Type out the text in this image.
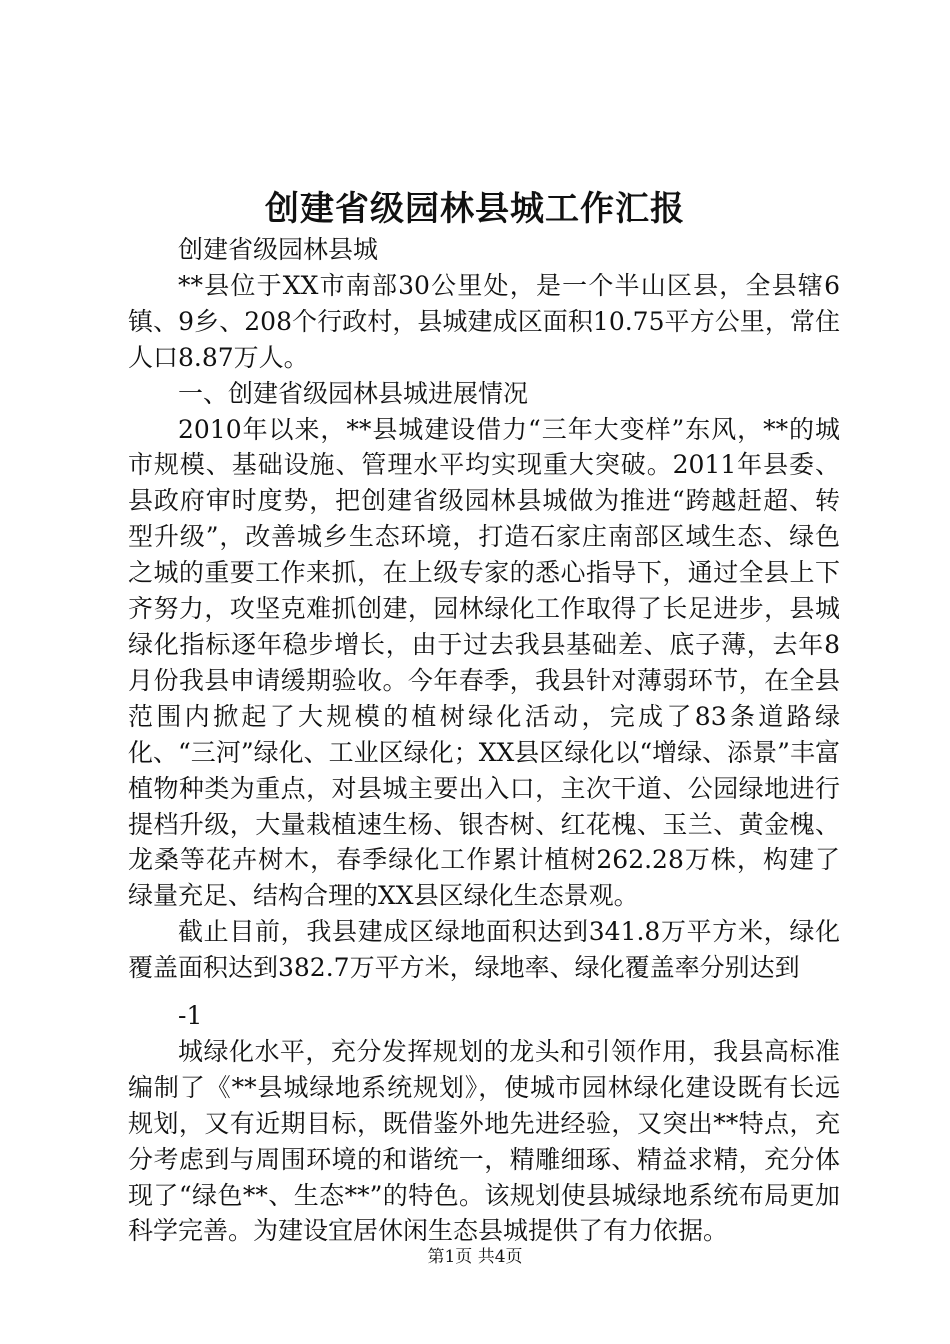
创建省级园林县城工作汇报

创建省级园林县城

**县位于XX市南部30公里处，是一个半山区县，全县辖6镇、9乡、208个行政村，县城建成区面积10.75平方公里，常住人口8.87万人。

一、创建省级园林县城进展情况

2010年以来，**县城建设借力“三年大变样”东风，**的城市规模、基础设施、管理水平均实现重大突破。2011年县委、县政府审时度势，把创建省级园林县城做为推进“跨越赶超、转型升级”，改善城乡生态环境，打造石家庄南部区域生态、绿色之城的重要工作来抓，在上级专家的悉心指导下，通过全县上下齐努力，攻坚克难抓创建，园林绿化工作取得了长足进步，县城绿化指标逐年稳步增长，由于过去我县基础差、底子薄，去年8月份我县申请缓期验收。今年春季，我县针对薄弱环节，在全县范围内掀起了大规模的植树绿化活动，完成了83条道路绿化、“三河”绿化、工业区绿化；XX县区绿化以“增绿、添景”丰富植物种类为重点，对县城主要出入口，主次干道、公园绿地进行提档升级，大量栽植速生杨、银杏树、红花槐、玉兰、黄金槐、龙桑等花卉树木，春季绿化工作累计植树262.28万株，构建了绿量充足、结构合理的XX县区绿化生态景观。

截止目前，我县建成区绿地面积达到341.8万平方米，绿化覆盖面积达到382.7万平方米，绿地率、绿化覆盖率分别达到

-1

城绿化水平，充分发挥规划的龙头和引领作用，我县高标准编制了《**县城绿地系统规划》，使城市园林绿化建设既有长远规划，又有近期目标，既借鉴外地先进经验，又突出**特点，充分考虑到与周围环境的和谐统一，精雕细琢、精益求精，充分体现了“绿色**、生态**”的特色。该规划使县城绿地系统布局更加科学完善。为建设宜居休闲生态县城提供了有力依据。

第1页 共4页
